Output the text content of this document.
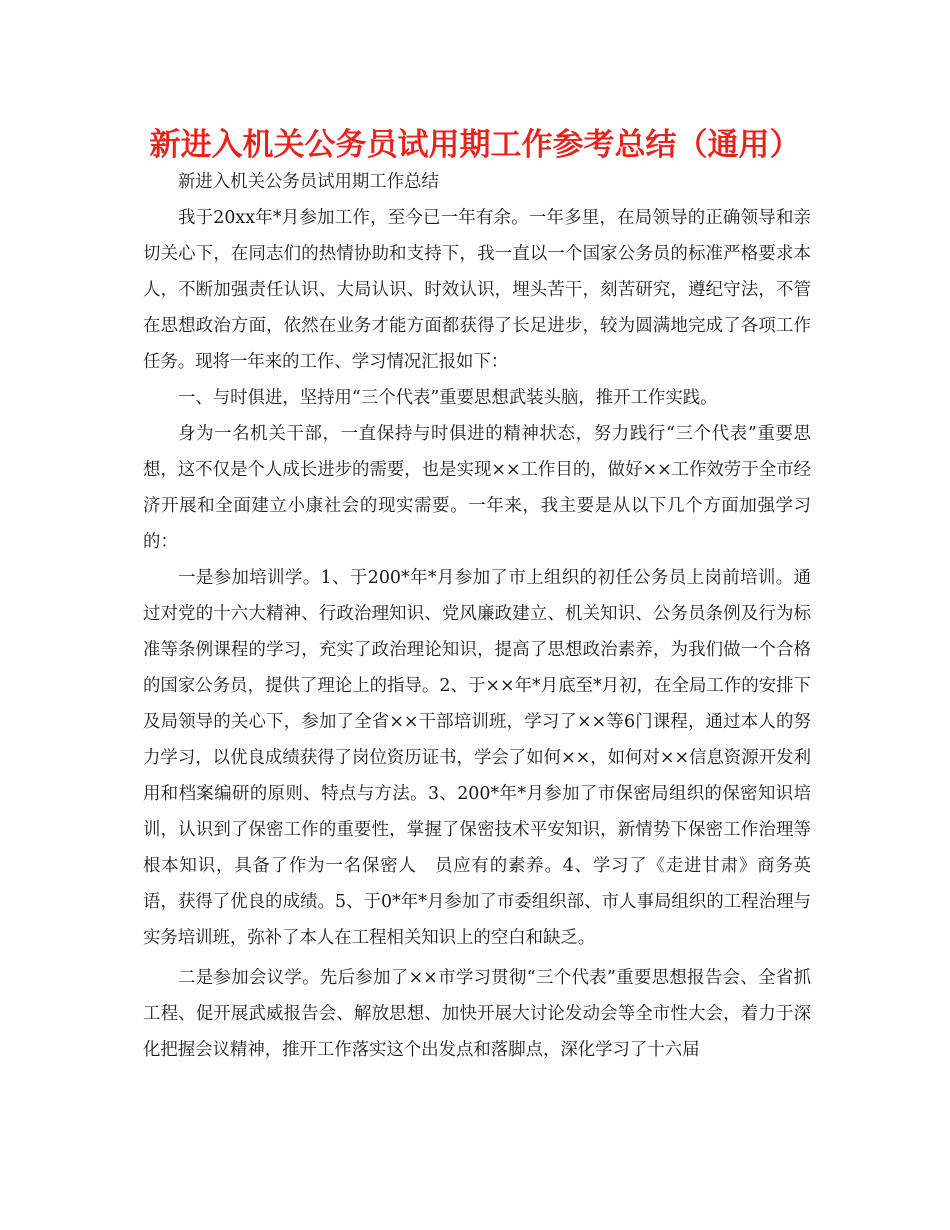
新进入机关公务员试用期工作参考总结（通用）

新进入机关公务员试用期工作总结

我于20xx年*月参加工作，至今已一年有余。一年多里，在局领导的正确领导和亲切关心下，在同志们的热情协助和支持下，我一直以一个国家公务员的标准严格要求本人，不断加强责任认识、大局认识、时效认识，埋头苦干，刻苦研究，遵纪守法，不管在思想政治方面，依然在业务才能方面都获得了长足进步，较为圆满地完成了各项工作任务。现将一年来的工作、学习情况汇报如下：

一、与时俱进，坚持用“三个代表”重要思想武装头脑，推开工作实践。

身为一名机关干部，一直保持与时俱进的精神状态，努力践行“三个代表”重要思想，这不仅是个人成长进步的需要，也是实现××工作目的，做好××工作效劳于全市经济开展和全面建立小康社会的现实需要。一年来，我主要是从以下几个方面加强学习的：

一是参加培训学。1、于200*年*月参加了市上组织的初任公务员上岗前培训。通过对党的十六大精神、行政治理知识、党风廉政建立、机关知识、公务员条例及行为标准等条例课程的学习，充实了政治理论知识，提高了思想政治素养，为我们做一个合格的国家公务员，提供了理论上的指导。2、于××年*月底至*月初，在全局工作的安排下及局领导的关心下，参加了全省××干部培训班，学习了××等6门课程，通过本人的努力学习，以优良成绩获得了岗位资历证书，学会了如何××，如何对××信息资源开发利用和档案编研的原则、特点与方法。3、200*年*月参加了市保密局组织的保密知识培训，认识到了保密工作的重要性，掌握了保密技术平安知识，新情势下保密工作治理等根本知识，具备了作为一名保密人　员应有的素养。4、学习了《走进甘肃》商务英语，获得了优良的成绩。5、于0*年*月参加了市委组织部、市人事局组织的工程治理与实务培训班，弥补了本人在工程相关知识上的空白和缺乏。

二是参加会议学。先后参加了××市学习贯彻“三个代表”重要思想报告会、全省抓工程、促开展武威报告会、解放思想、加快开展大讨论发动会等全市性大会，着力于深化把握会议精神，推开工作落实这个出发点和落脚点，深化学习了十六届
